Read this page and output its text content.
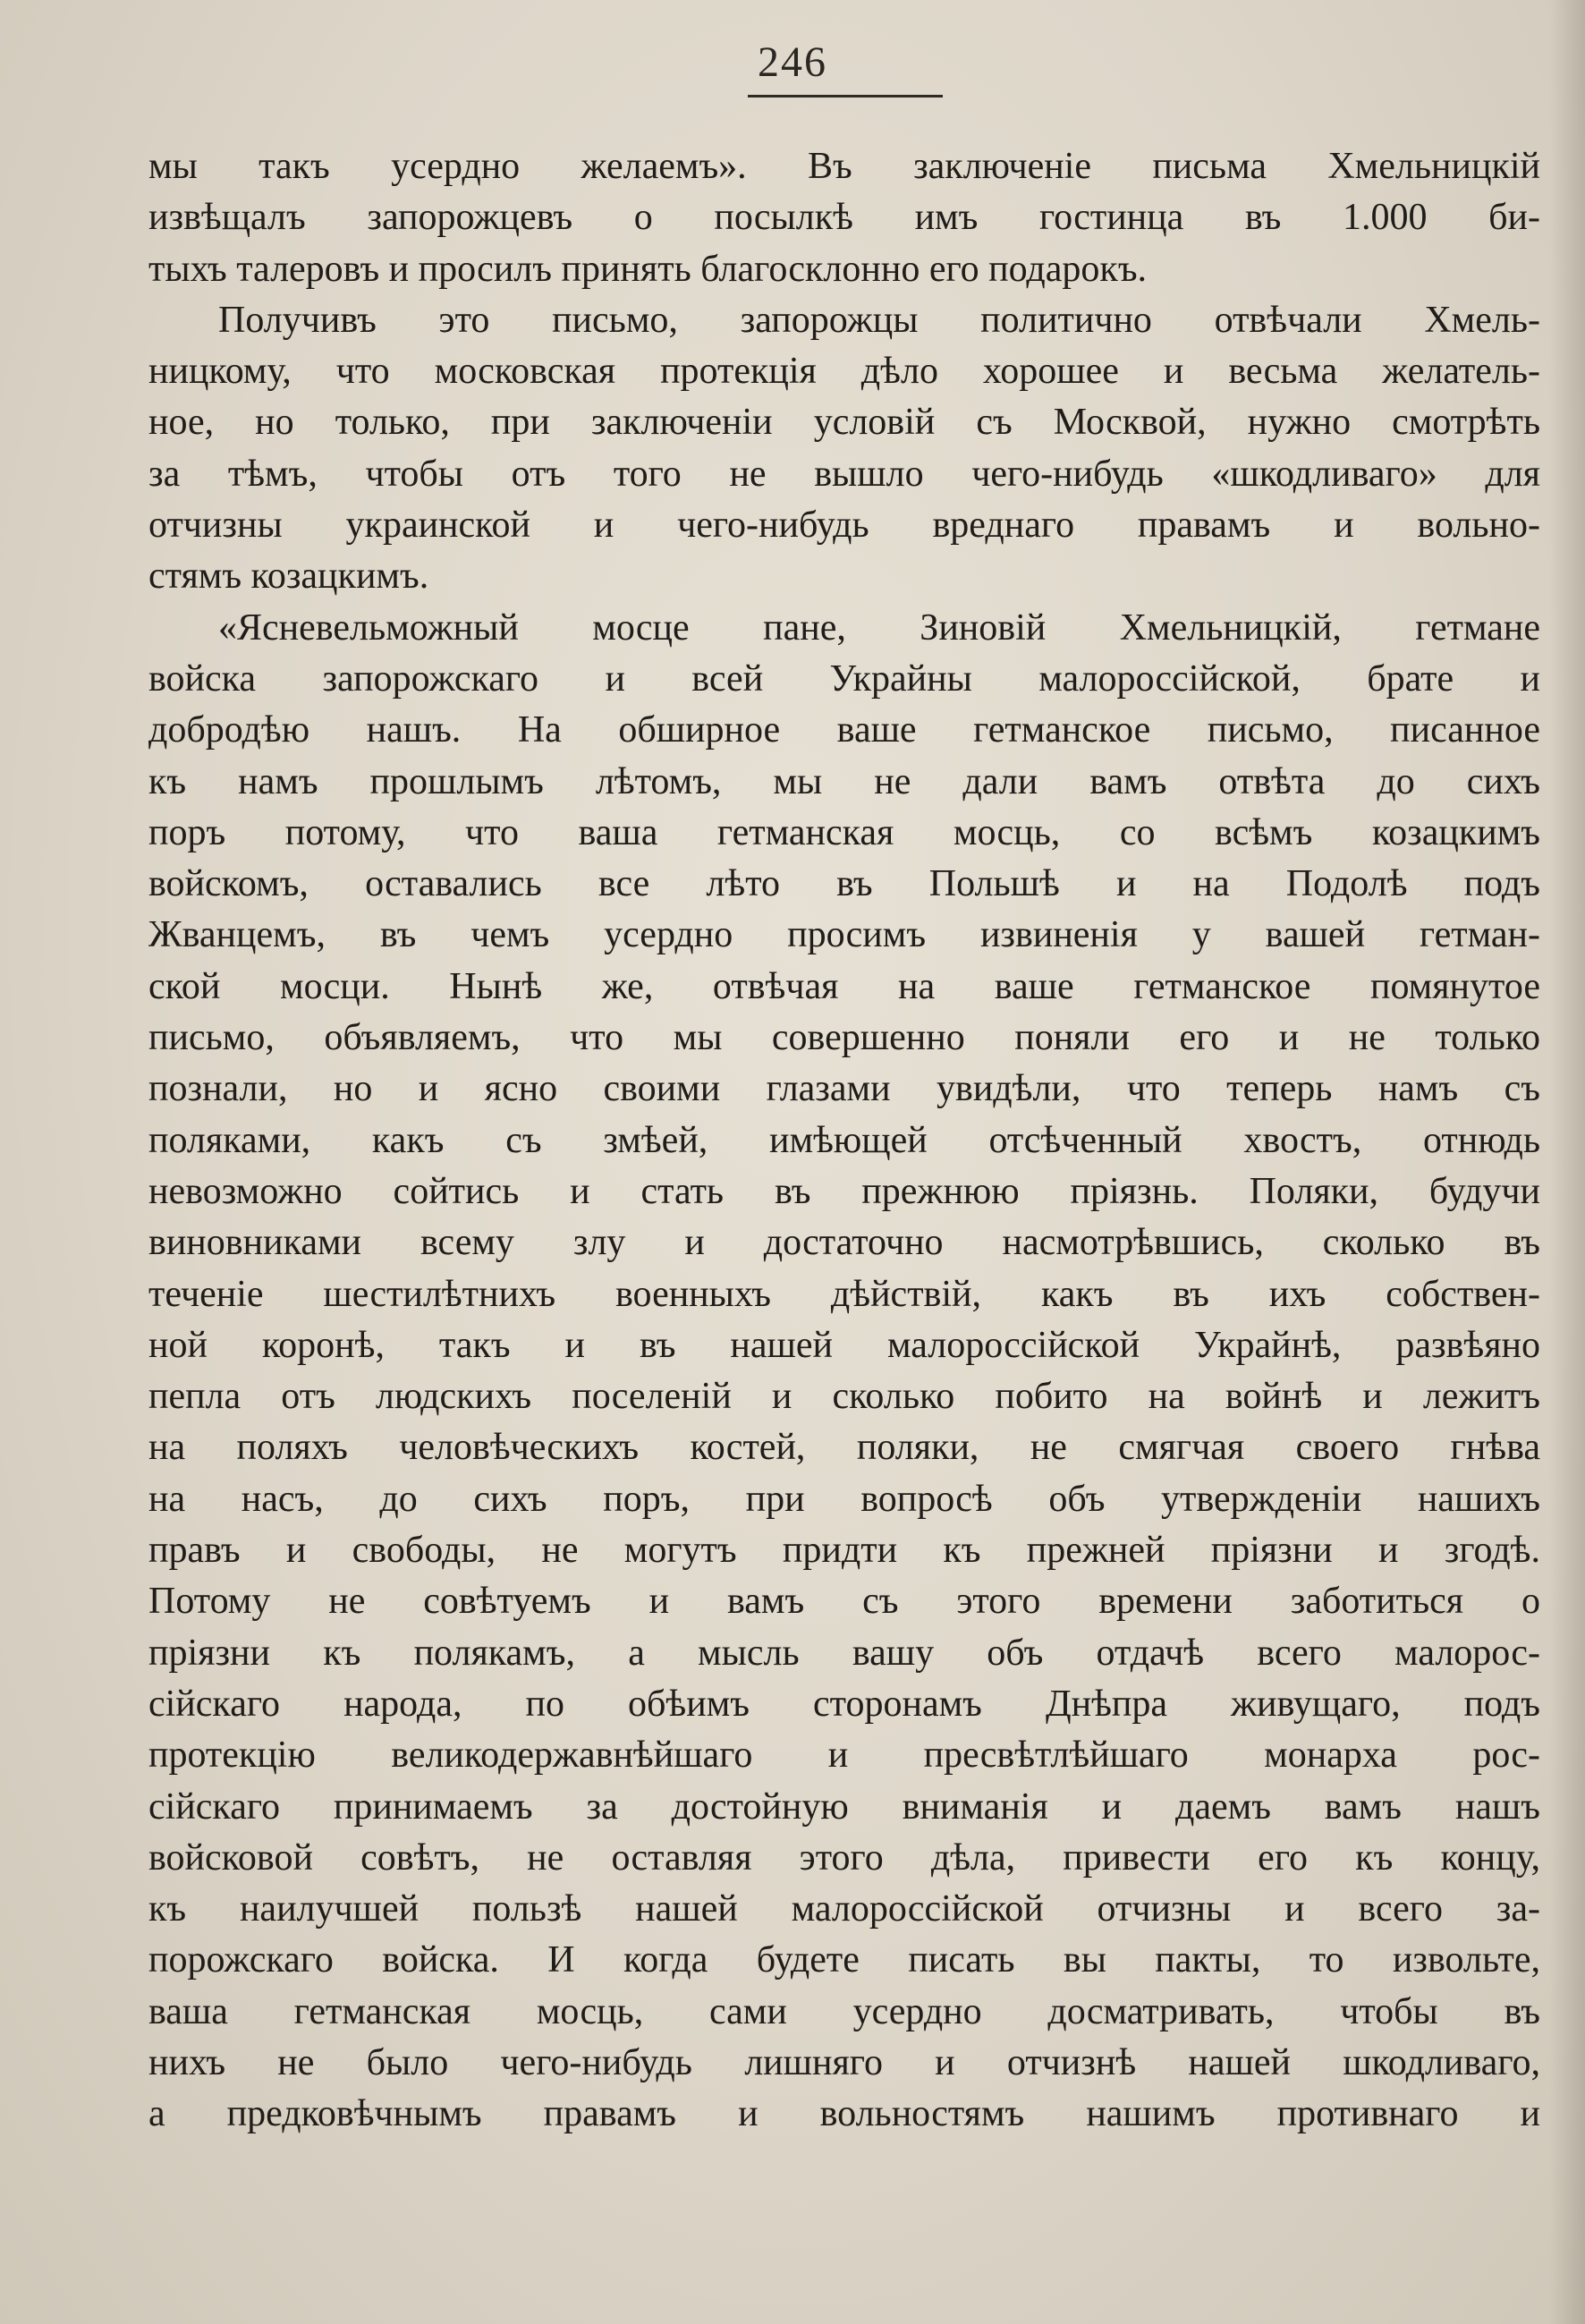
246
мы такъ усердно желаемъ». Въ заключеніе письма Хмельницкій
извѣщалъ запорожцевъ о посылкѣ имъ гостинца въ 1.000 би-
тыхъ талеровъ и просилъ принять благосклонно его подарокъ.
Получивъ это письмо, запорожцы политично отвѣчали Хмель-
ницкому, что московская протекція дѣло хорошее и весьма желатель-
ное, но только, при заключеніи условій съ Москвой, нужно смотрѣть
за тѣмъ, чтобы отъ того не вышло чего-нибудь «шкодливаго» для
отчизны украинской и чего-нибудь вреднаго правамъ и вольно-
стямъ козацкимъ.
«Ясневельможный мосце пане, Зиновій Хмельницкій, гетмане
войска запорожскаго и всей Украйны малороссійской, брате и
добродѣю нашъ. На обширное ваше гетманское письмо, писанное
къ намъ прошлымъ лѣтомъ, мы не дали вамъ отвѣта до сихъ
поръ потому, что ваша гетманская мосць, со всѣмъ козацкимъ
войскомъ, оставались все лѣто въ Польшѣ и на Подолѣ подъ
Жванцемъ, въ чемъ усердно просимъ извиненія у вашей гетман-
ской мосци. Нынѣ же, отвѣчая на ваше гетманское помянутое
письмо, объявляемъ, что мы совершенно поняли его и не только
познали, но и ясно своими глазами увидѣли, что теперь намъ съ
поляками, какъ съ змѣей, имѣющей отсѣченный хвостъ, отнюдь
невозможно сойтись и стать въ прежнюю пріязнь. Поляки, будучи
виновниками всему злу и достаточно насмотрѣвшись, сколько въ
теченіе шестилѣтнихъ военныхъ дѣйствій, какъ въ ихъ собствен-
ной коронѣ, такъ и въ нашей малороссійской Украйнѣ, развѣяно
пепла отъ людскихъ поселеній и сколько побито на войнѣ и лежитъ
на поляхъ человѣческихъ костей, поляки, не смягчая своего гнѣва
на насъ, до сихъ поръ, при вопросѣ объ утвержденіи нашихъ
правъ и свободы, не могутъ придти къ прежней пріязни и згодѣ.
Потому не совѣтуемъ и вамъ съ этого времени заботиться о
пріязни къ полякамъ, а мысль вашу объ отдачѣ всего малорос-
сійскаго народа, по обѣимъ сторонамъ Днѣпра живущаго, подъ
протекцію великодержавнѣйшаго и пресвѣтлѣйшаго монарха рос-
сійскаго принимаемъ за достойную вниманія и даемъ вамъ нашъ
войсковой совѣтъ, не оставляя этого дѣла, привести его къ концу,
къ наилучшей пользѣ нашей малороссійской отчизны и всего за-
порожскаго войска. И когда будете писать вы пакты, то извольте,
ваша гетманская мосць, сами усердно досматривать, чтобы въ
нихъ не было чего-нибудь лишняго и отчизнѣ нашей шкодливаго,
а предковѣчнымъ правамъ и вольностямъ нашимъ противнаго и
